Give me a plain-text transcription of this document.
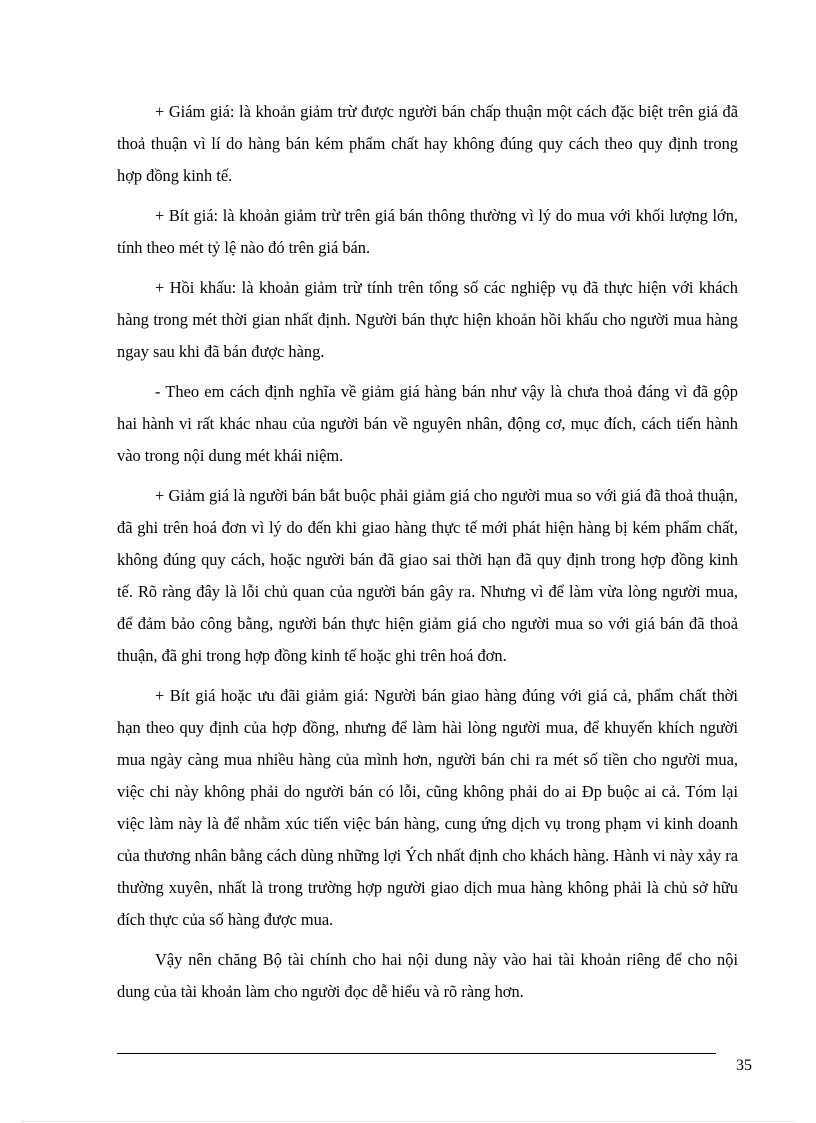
+ Giám giá: là khoản giảm trừ được người bán chấp thuận một cách đặc biệt trên giá đã thoả thuận vì lí do hàng bán kém phẩm chất hay không đúng quy cách theo quy định trong hợp đồng kinh tế.

+ Bít giá: là khoản giảm trừ trên giá bán thông thường vì lý do mua với khối lượng lớn, tính theo mét tỷ lệ nào đó trên giá bán.

+ Hồi khấu: là khoản giảm trừ tính trên tổng số các nghiệp vụ đã thực hiện với khách hàng trong mét thời gian nhất định. Người bán thực hiện khoản hồi khấu cho người mua hàng ngay sau khi đã bán được hàng.

- Theo em cách định nghĩa về giảm giá hàng bán như vậy là chưa thoả đáng vì đã gộp hai hành vi rất khác nhau của người bán về nguyên nhân, động cơ, mục đích, cách tiến hành vào trong nội dung mét khái niệm.

+ Giảm giá là người bán bắt buộc phải giảm giá cho người mua so với giá đã thoả thuận, đã ghi trên hoá đơn vì lý do đến khi giao hàng thực tế mới phát hiện hàng bị kém phẩm chất, không đúng quy cách, hoặc người bán đã giao sai thời hạn đã quy định trong hợp đồng kinh tế. Rõ ràng đây là lỗi chủ quan của người bán gây ra. Nhưng vì để làm vừa lòng người mua, để đảm bảo công bằng, người bán thực hiện giảm giá cho người mua so với giá bán đã thoả thuận, đã ghi trong hợp đồng kinh tế hoặc ghi trên hoá đơn.

+ Bít giá hoặc ưu đãi giảm giá: Người bán giao hàng đúng với giá cả, phẩm chất thời hạn theo quy định của hợp đồng, nhưng để làm hài lòng người mua, để khuyến khích người mua ngày càng mua nhiều hàng của mình hơn, người bán chi ra mét số tiền cho người mua, việc chi này không phải do người bán có lỗi, cũng không phải do ai Đp buộc ai cả. Tóm lại việc làm này là để nhằm xúc tiến việc bán hàng, cung ứng dịch vụ trong phạm vi kinh doanh của thương nhân bằng cách dùng những lợi Ých nhất định cho khách hàng. Hành vi này xảy ra thường xuyên, nhất là trong trường hợp người giao dịch mua hàng không phải là chủ sở hữu đích thực của số hàng được mua.

Vậy nên chăng Bộ tài chính cho hai nội dung này vào hai tài khoản riêng để cho nội dung của tài khoản làm cho người đọc dễ hiểu và rõ ràng hơn.

35
